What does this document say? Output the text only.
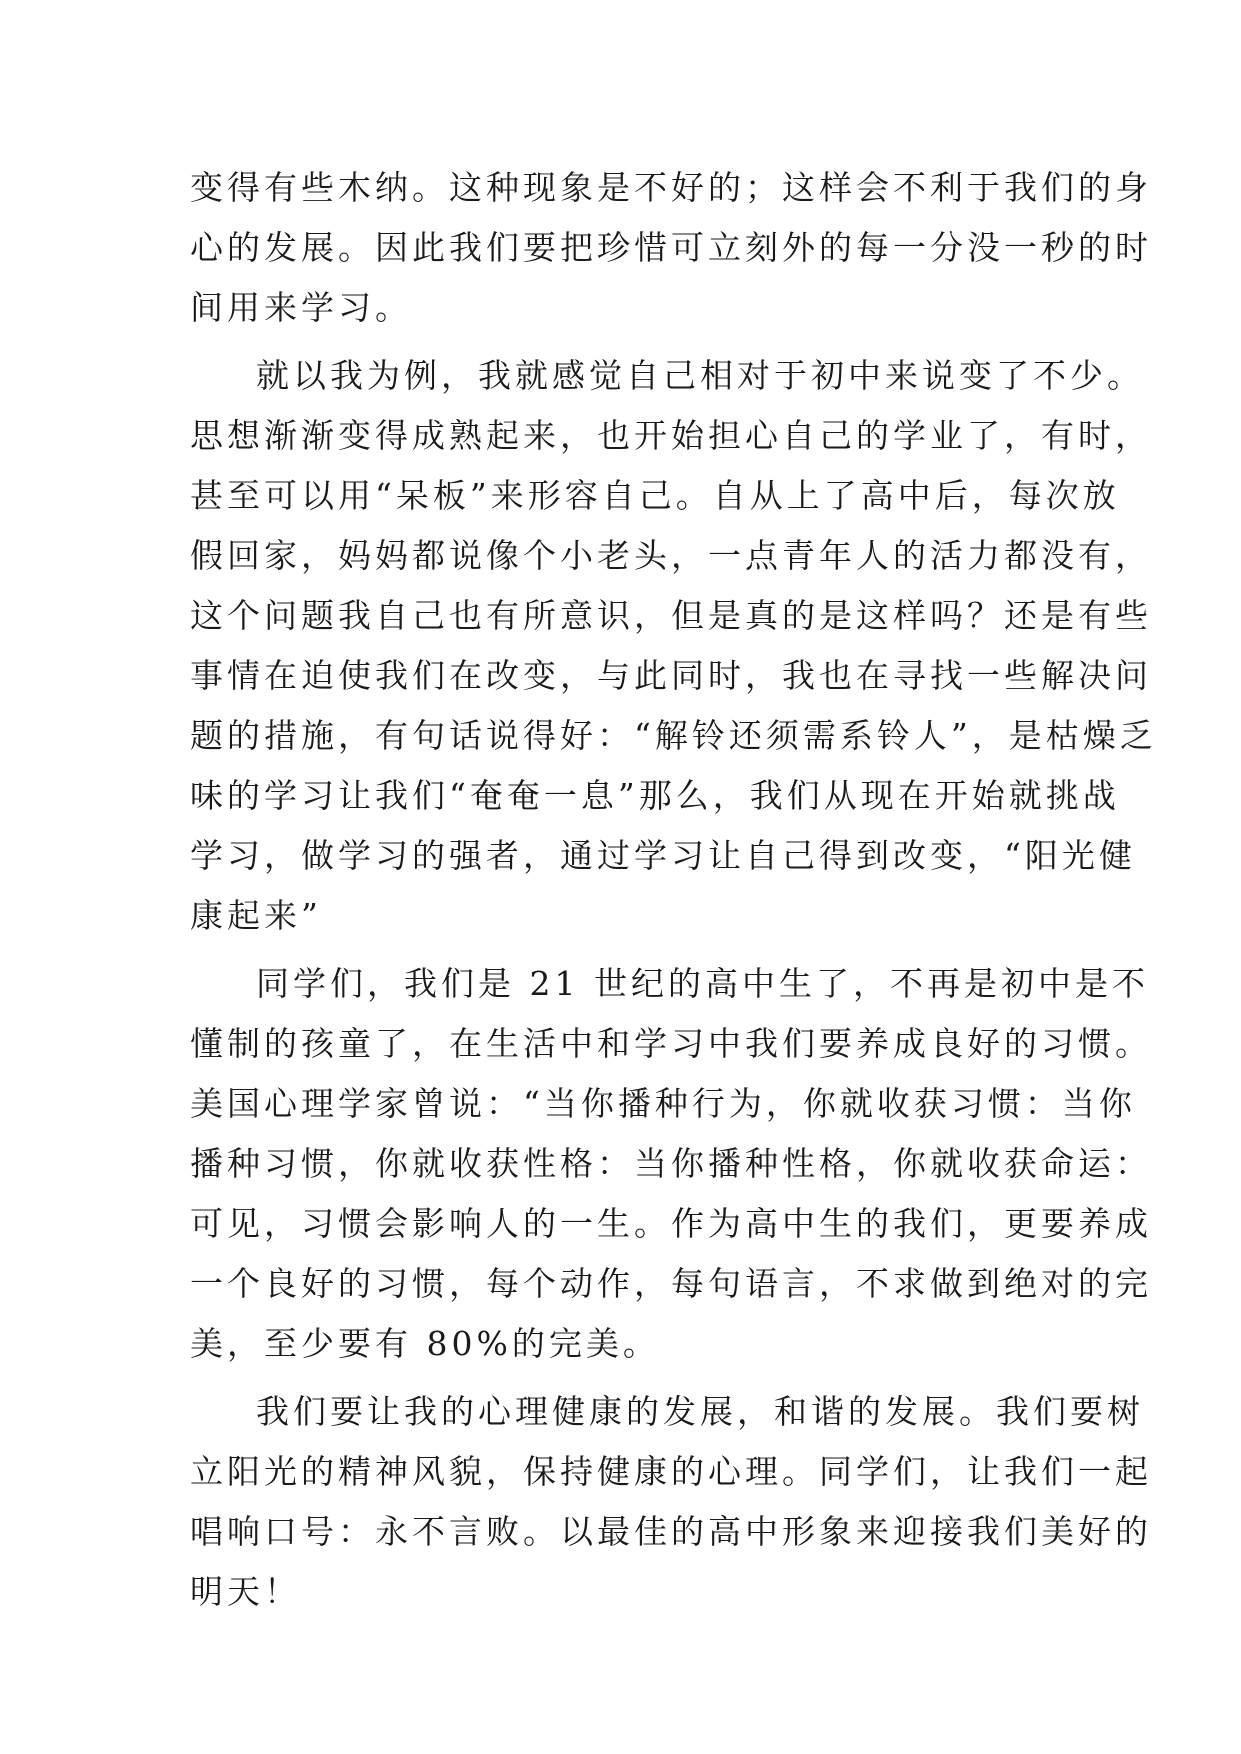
变得有些木纳。这种现象是不好的；这样会不利于我们的身
心的发展。因此我们要把珍惜可立刻外的每一分没一秒的时
间用来学习。
就以我为例，我就感觉自己相对于初中来说变了不少。
思想渐渐变得成熟起来，也开始担心自己的学业了，有时，
甚至可以用“呆板”来形容自己。自从上了高中后，每次放
假回家，妈妈都说像个小老头，一点青年人的活力都没有，
这个问题我自己也有所意识，但是真的是这样吗？还是有些
事情在迫使我们在改变，与此同时，我也在寻找一些解决问
题的措施，有句话说得好：“解铃还须需系铃人”，是枯燥乏
味的学习让我们“奄奄一息”那么，我们从现在开始就挑战
学习，做学习的强者，通过学习让自己得到改变，“阳光健
康起来”
同学们，我们是 21 世纪的高中生了，不再是初中是不
懂制的孩童了，在生活中和学习中我们要养成良好的习惯。
美国心理学家曾说：“当你播种行为，你就收获习惯：当你
播种习惯，你就收获性格：当你播种性格，你就收获命运：
可见，习惯会影响人的一生。作为高中生的我们，更要养成
一个良好的习惯，每个动作，每句语言，不求做到绝对的完
美，至少要有 80%的完美。
我们要让我的心理健康的发展，和谐的发展。我们要树
立阳光的精神风貌，保持健康的心理。同学们，让我们一起
唱响口号：永不言败。以最佳的高中形象来迎接我们美好的
明天！
